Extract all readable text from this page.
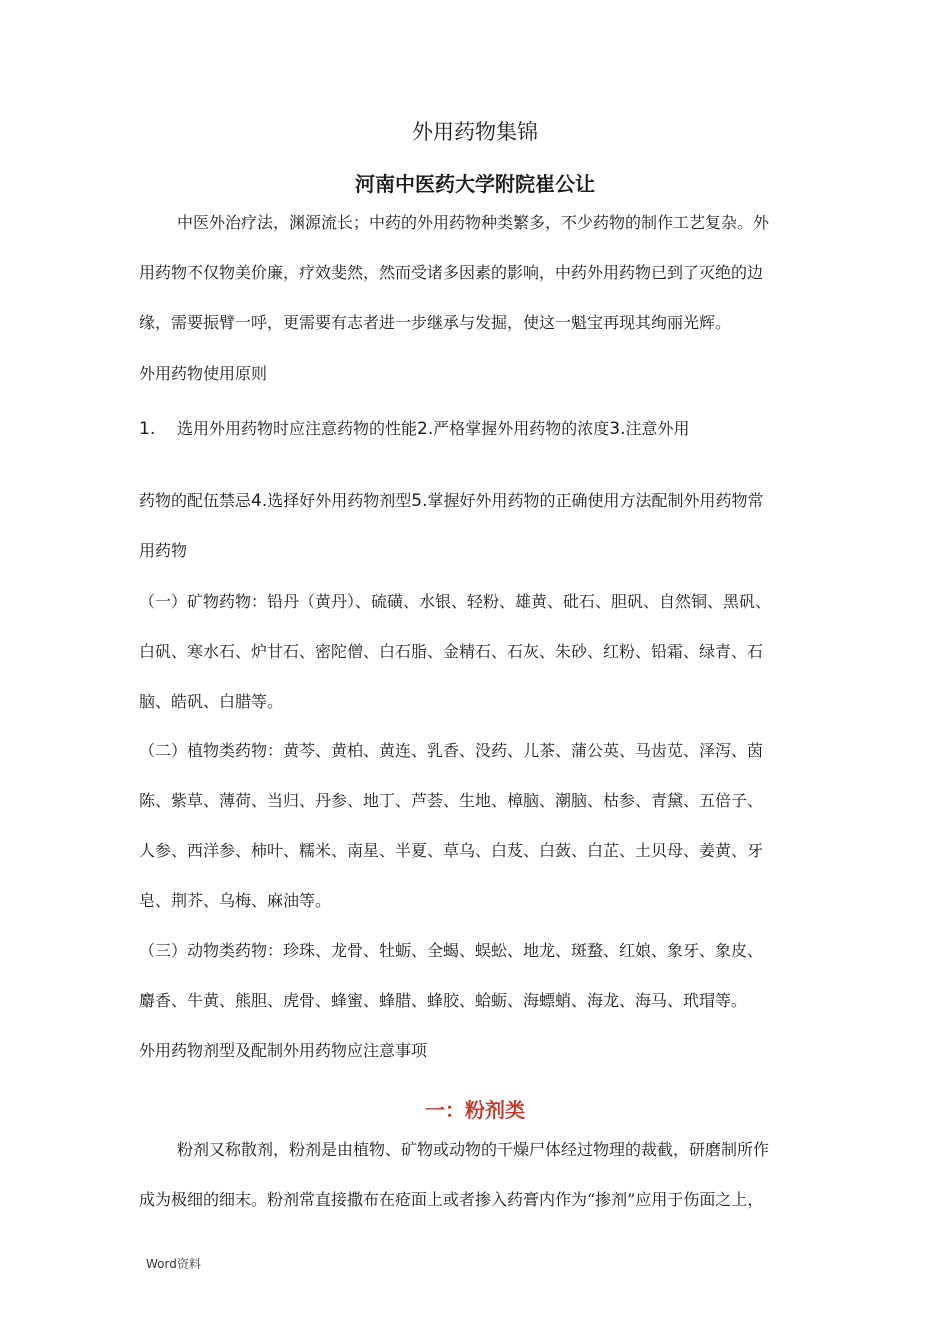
外用药物集锦
河南中医药大学附院崔公让
中医外治疗法，渊源流长；中药的外用药物种类繁多，不少药物的制作工艺复杂。外
用药物不仅物美价廉，疗效斐然，然而受诸多因素的影响，中药外用药物已到了灭绝的边
缘，需要振臂一呼，更需要有志者进一步继承与发掘，使这一魁宝再现其绚丽光辉。
外用药物使用原则
1. 选用外用药物时应注意药物的性能2.严格掌握外用药物的浓度3.注意外用
药物的配伍禁忌4.选择好外用药物剂型5.掌握好外用药物的正确使用方法配制外用药物常
用药物
（一）矿物药物：铅丹（黄丹）、硫磺、水银、轻粉、雄黄、砒石、胆矾、自然铜、黑矾、
白矾、寒水石、炉甘石、密陀僧、白石脂、金精石、石灰、朱砂、红粉、铅霜、绿青、石
脑、皓矾、白腊等。
（二）植物类药物：黄芩、黄柏、黄连、乳香、没药、儿茶、蒲公英、马齿苋、泽泻、茵
陈、紫草、薄荷、当归、丹参、地丁、芦荟、生地、樟脑、潮脑、枯参、青黛、五倍子、
人参、西洋参、柿叶、糯米、南星、半夏、草乌、白芨、白蔹、白芷、土贝母、姜黄、牙
皂、荆芥、乌梅、麻油等。
（三）动物类药物：珍珠、龙骨、牡蛎、全蝎、蜈蚣、地龙、斑蝥、红娘、象牙、象皮、
麝香、牛黄、熊胆、虎骨、蜂蜜、蜂腊、蜂胶、蛤蛎、海螵蛸、海龙、海马、玳瑁等。
外用药物剂型及配制外用药物应注意事项
一：粉剂类
粉剂又称散剂，粉剂是由植物、矿物或动物的干燥尸体经过物理的裁截，研磨制所作
成为极细的细末。粉剂常直接撒布在疮面上或者掺入药膏内作为“掺剂”应用于伤面之上，
Word资料
